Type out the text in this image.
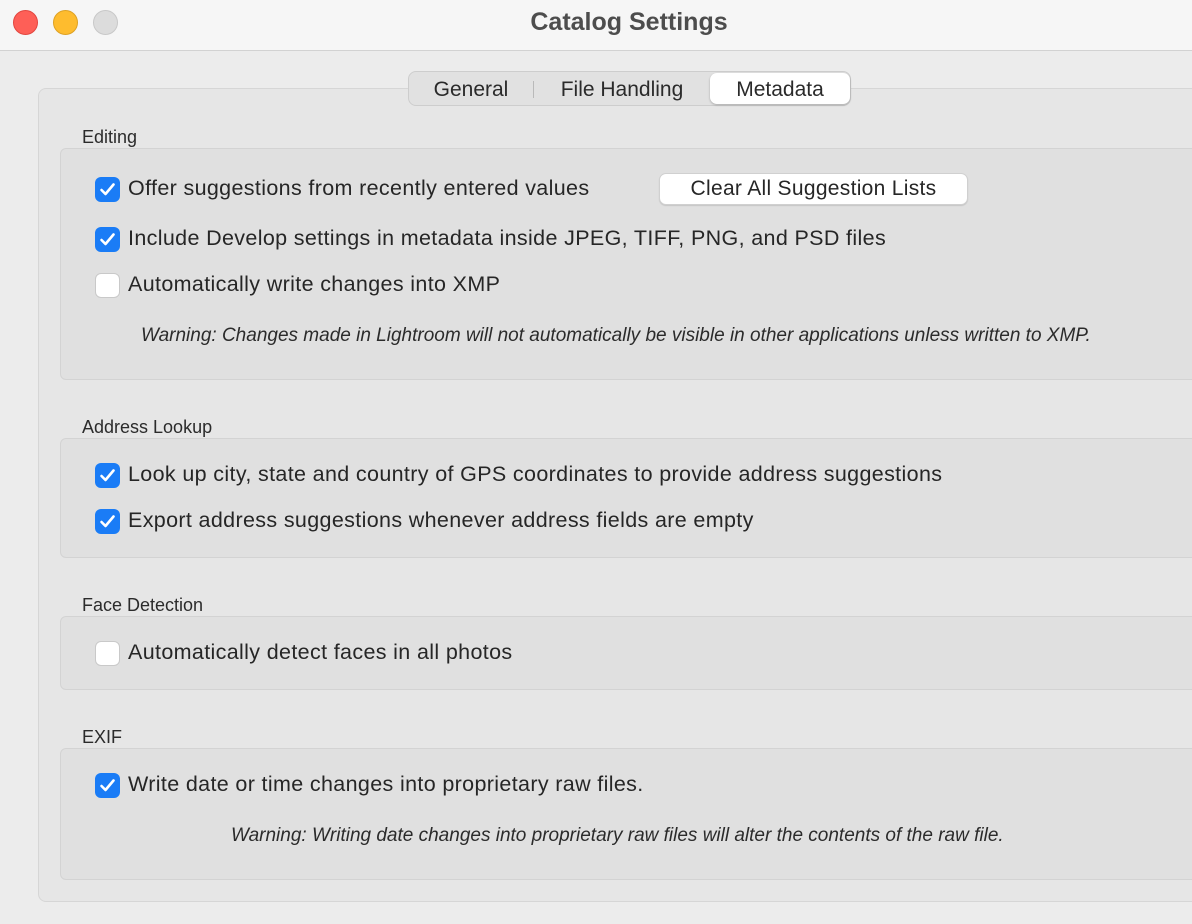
Catalog Settings
General	File Handling	Metadata
Editing
Offer suggestions from recently entered values	Clear All Suggestion Lists
Include Develop settings in metadata inside JPEG, TIFF, PNG, and PSD files
Automatically write changes into XMP
Warning: Changes made in Lightroom will not automatically be visible in other applications unless written to XMP.
Address Lookup
Look up city, state and country of GPS coordinates to provide address suggestions
Export address suggestions whenever address fields are empty
Face Detection
Automatically detect faces in all photos
EXIF
Write date or time changes into proprietary raw files.
Warning: Writing date changes into proprietary raw files will alter the contents of the raw file.
